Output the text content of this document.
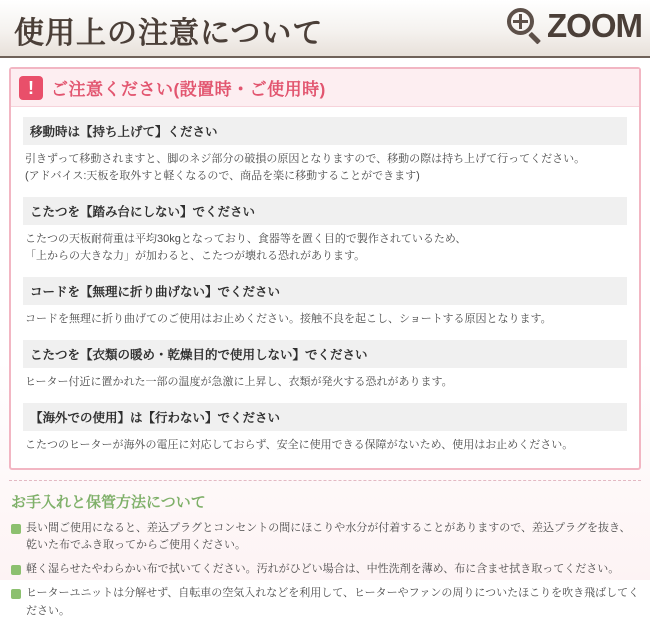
使用上の注意について	ZOOM
!	ご注意ください(設置時・ご使用時)
移動時は【持ち上げて】ください
引きずって移動されますと、脚のネジ部分の破損の原因となりますので、移動の際は持ち上げて行ってください。
(アドバイス:天板を取外すと軽くなるので、商品を楽に移動することができます)
こたつを【踏み台にしない】でください
こたつの天板耐荷重は平均30kgとなっており、食器等を置く目的で製作されているため、
「上からの大きな力」が加わると、こたつが壊れる恐れがあります。
コードを【無理に折り曲げない】でください
コードを無理に折り曲げてのご使用はお止めください。接触不良を起こし、ショートする原因となります。
こたつを【衣類の暖め・乾燥目的で使用しない】でください
ヒーター付近に置かれた一部の温度が急激に上昇し、衣類が発火する恐れがあります。
【海外での使用】は【行わない】でください
こたつのヒーターが海外の電圧に対応しておらず、安全に使用できる保障がないため、使用はお止めください。
お手入れと保管方法について
長い間ご使用になると、差込プラグとコンセントの間にほこりや水分が付着することがありますので、差込プラグを抜き、乾いた布でふき取ってからご使用ください。
軽く湿らせたやわらかい布で拭いてください。汚れがひどい場合は、中性洗剤を薄め、布に含ませ拭き取ってください。
ヒーターユニットは分解せず、自転車の空気入れなどを利用して、ヒーターやファンの周りについたほこりを吹き飛ばしてください。
